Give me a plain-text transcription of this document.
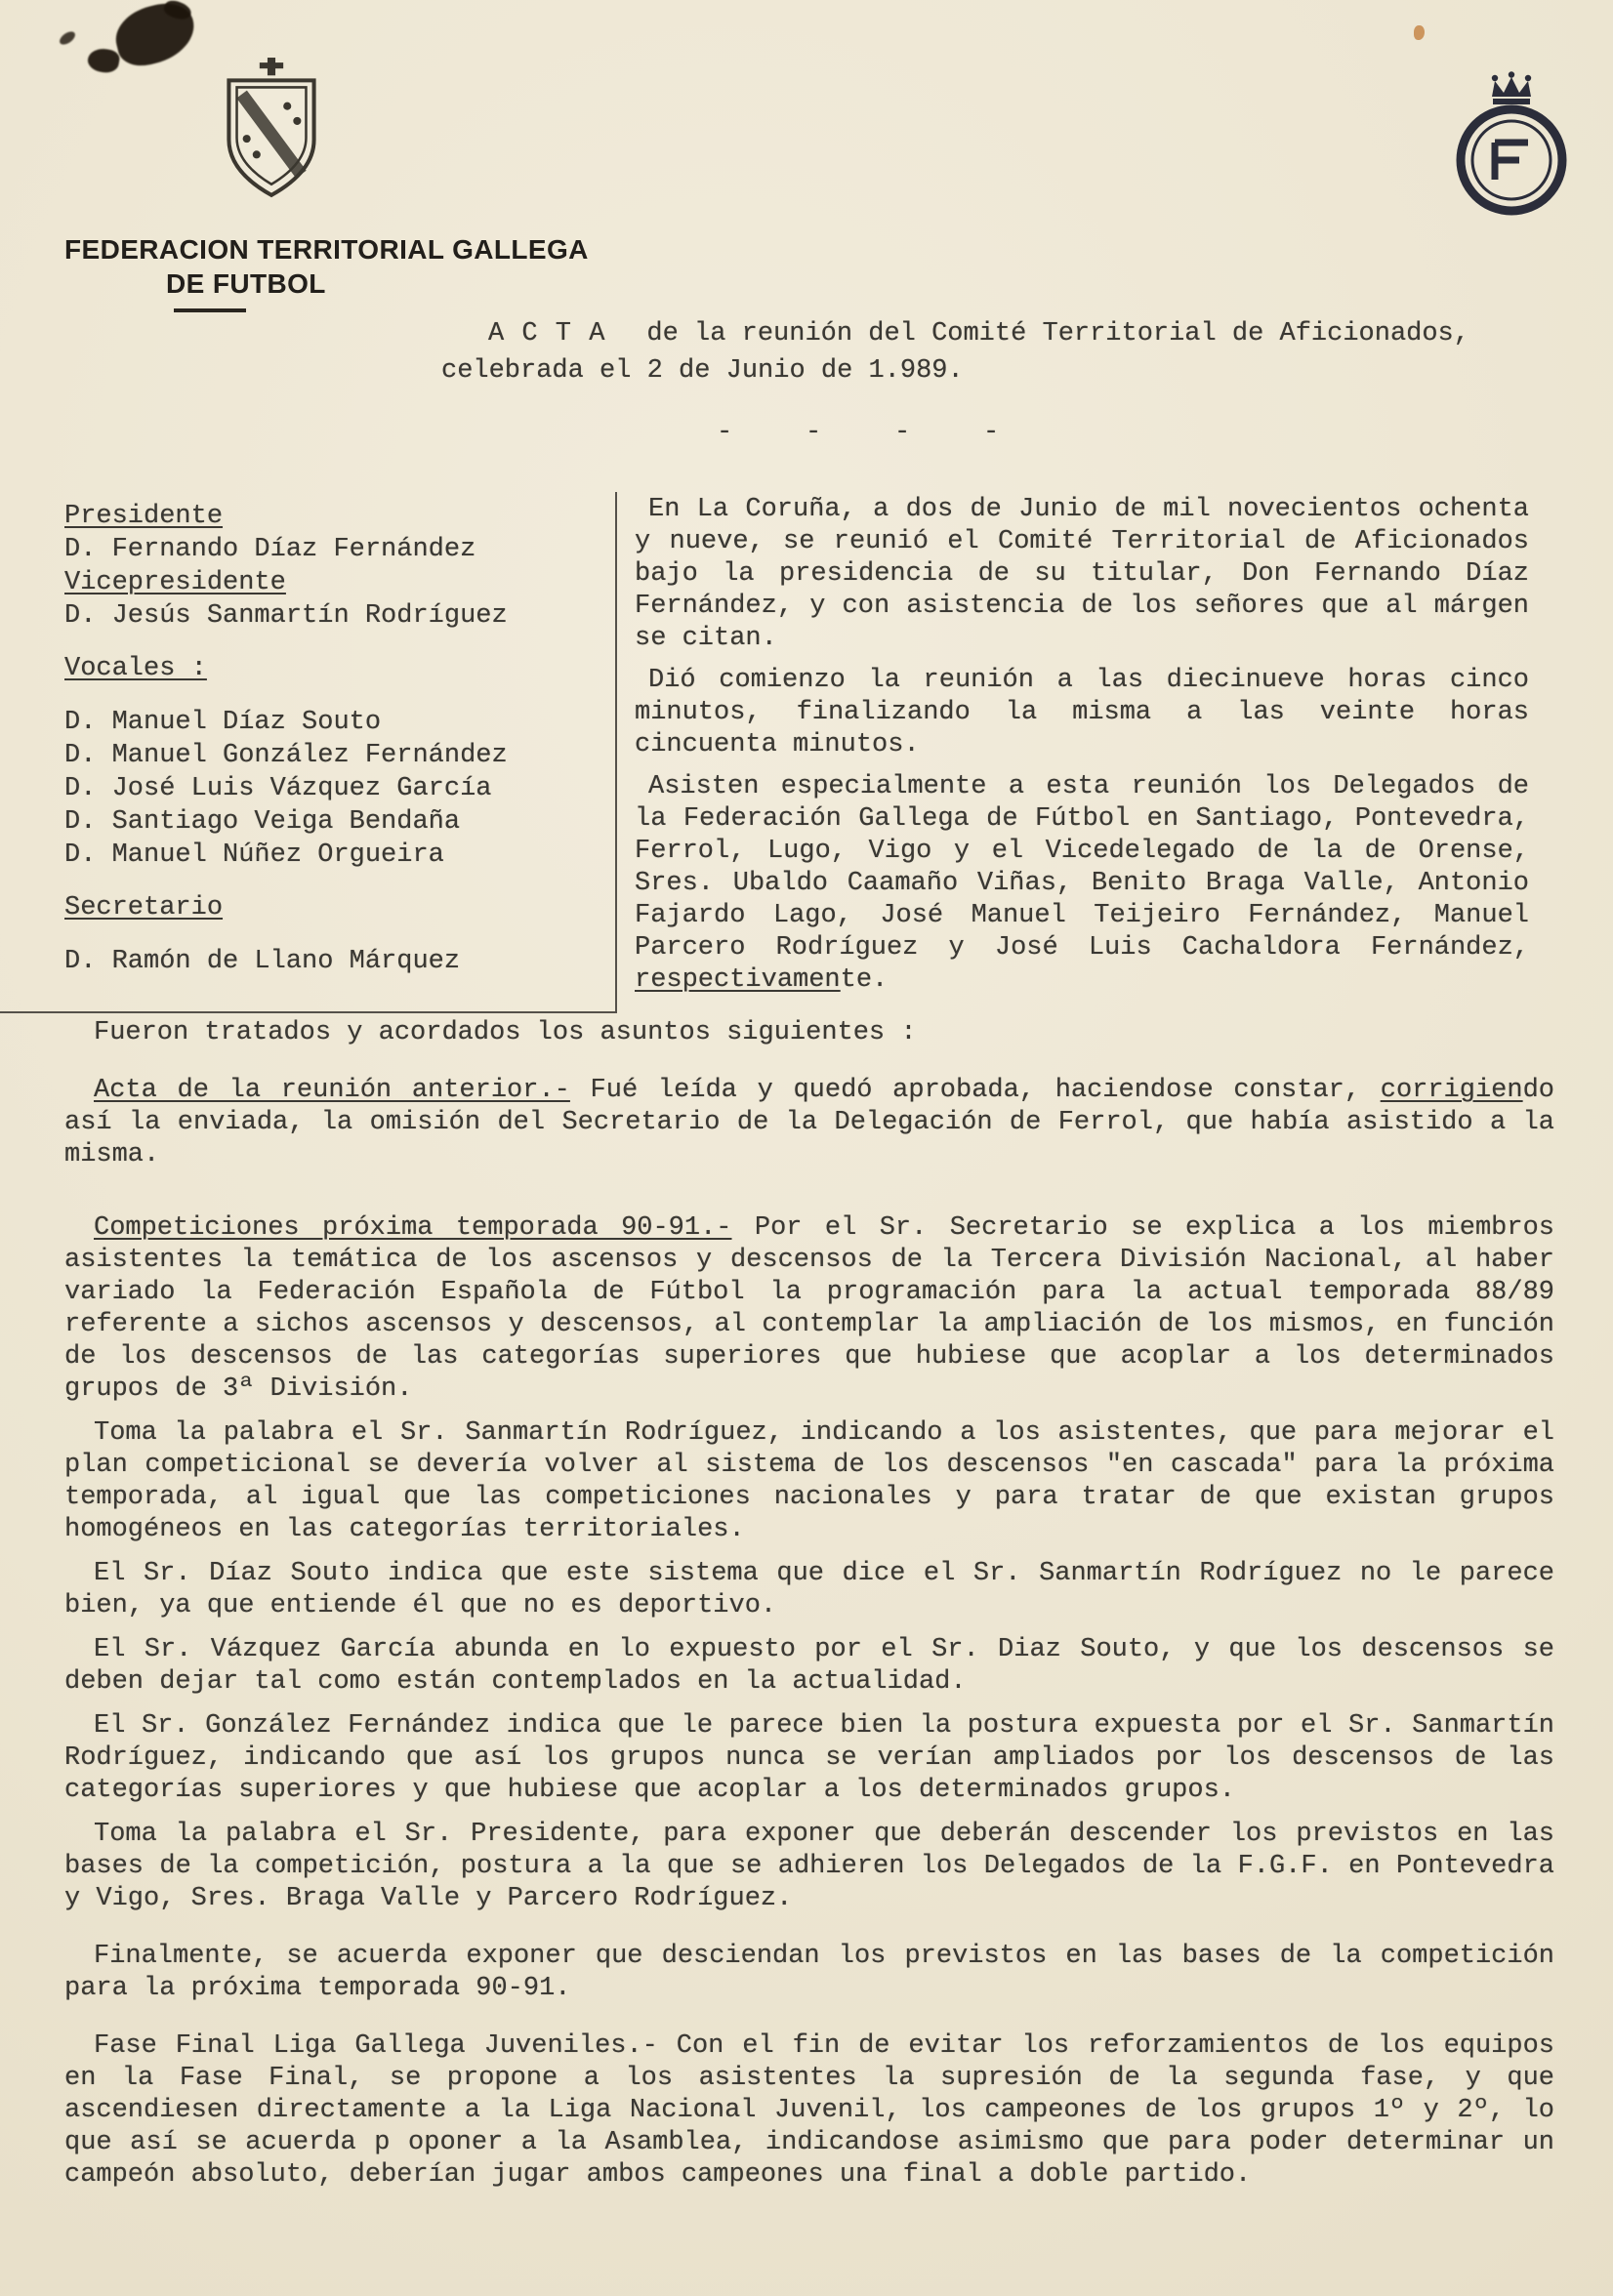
FEDERACION TERRITORIAL GALLEGA
DE FUTBOL
A C T A de la reunión del Comité Territorial de Aficionados,
celebrada el 2 de Junio de 1.989.
-    -    -    -
Presidente
D. Fernando Díaz Fernández
Vicepresidente
D. Jesús Sanmartín Rodríguez
Vocales :
D. Manuel Díaz Souto
D. Manuel González Fernández
D. José Luis Vázquez García
D. Santiago Veiga Bendaña
D. Manuel Núñez Orgueira
Secretario
D. Ramón de Llano Márquez

En La Coruña, a dos de Junio de mil novecientos ochenta y nueve, se reunió el Comité Territorial de Aficionados bajo la presidencia de su titular, Don Fernando Díaz Fernández, y con asistencia de los señores que al márgen se citan.

Dió comienzo la reunión a las diecinueve horas cinco minutos, finalizando la misma a las veinte horas cincuenta minutos.

Asisten especialmente a esta reunión los Delegados de la Federación Gallega de Fútbol en Santiago, Pontevedra, Ferrol, Lugo, Vigo y el Vicedelegado de la de Orense, Sres. Ubaldo Caamaño Viñas, Benito Braga Valle, Antonio Fajardo Lago, José Manuel Teijeiro Fernández, Manuel Parcero Rodríguez y José Luis Cachaldora Fernández, respectivamente.

Fueron tratados y acordados los asuntos siguientes :

Acta de la reunión anterior.- Fué leída y quedó aprobada, haciendose constar, corrigiendo así la enviada, la omisión del Secretario de la Delegación de Ferrol, que había asistido a la misma.

Competiciones próxima temporada 90-91.- Por el Sr. Secretario se explica a los miembros asistentes la temática de los ascensos y descensos de la Tercera División Nacional, al haber variado la Federación Española de Fútbol la programación para la actual temporada 88/89 referente a sichos ascensos y descensos, al contemplar la ampliación de los mismos, en función de los descensos de las categorías superiores que hubiese que acoplar a los determinados grupos de 3ª División.

Toma la palabra el Sr. Sanmartín Rodríguez, indicando a los asistentes, que para mejorar el plan competicional se devería volver al sistema de los descensos "en cascada" para la próxima temporada, al igual que las competiciones nacionales y para tratar de que existan grupos homogéneos en las categorías territoriales.

El Sr. Díaz Souto indica que este sistema que dice el Sr. Sanmartín Rodríguez no le parece bien, ya que entiende él que no es deportivo.

El Sr. Vázquez García abunda en lo expuesto por el Sr. Diaz Souto, y que los descensos se deben dejar tal como están contemplados en la actualidad.

El Sr. González Fernández indica que le parece bien la postura expuesta por el Sr. Sanmartín Rodríguez, indicando que así los grupos nunca se verían ampliados por los descensos de las categorías superiores y que hubiese que acoplar a los determinados grupos.

Toma la palabra el Sr. Presidente, para exponer que deberán descender los previstos en las bases de la competición, postura a la que se adhieren los Delegados de la F.G.F. en Pontevedra y Vigo, Sres. Braga Valle y Parcero Rodríguez.

Finalmente, se acuerda exponer que desciendan los previstos en las bases de la competición para la próxima temporada 90-91.

Fase Final Liga Gallega Juveniles.- Con el fin de evitar los reforzamientos de los equipos en la Fase Final, se propone a los asistentes la supresión de la segunda fase, y que ascendiesen directamente a la Liga Nacional Juvenil, los campeones de los grupos 1º y 2º, lo que así se acuerda p oponer a la Asamblea, indicandose asimismo que para poder determinar un campeón absoluto, deberían jugar ambos campeones una final a doble partido.
